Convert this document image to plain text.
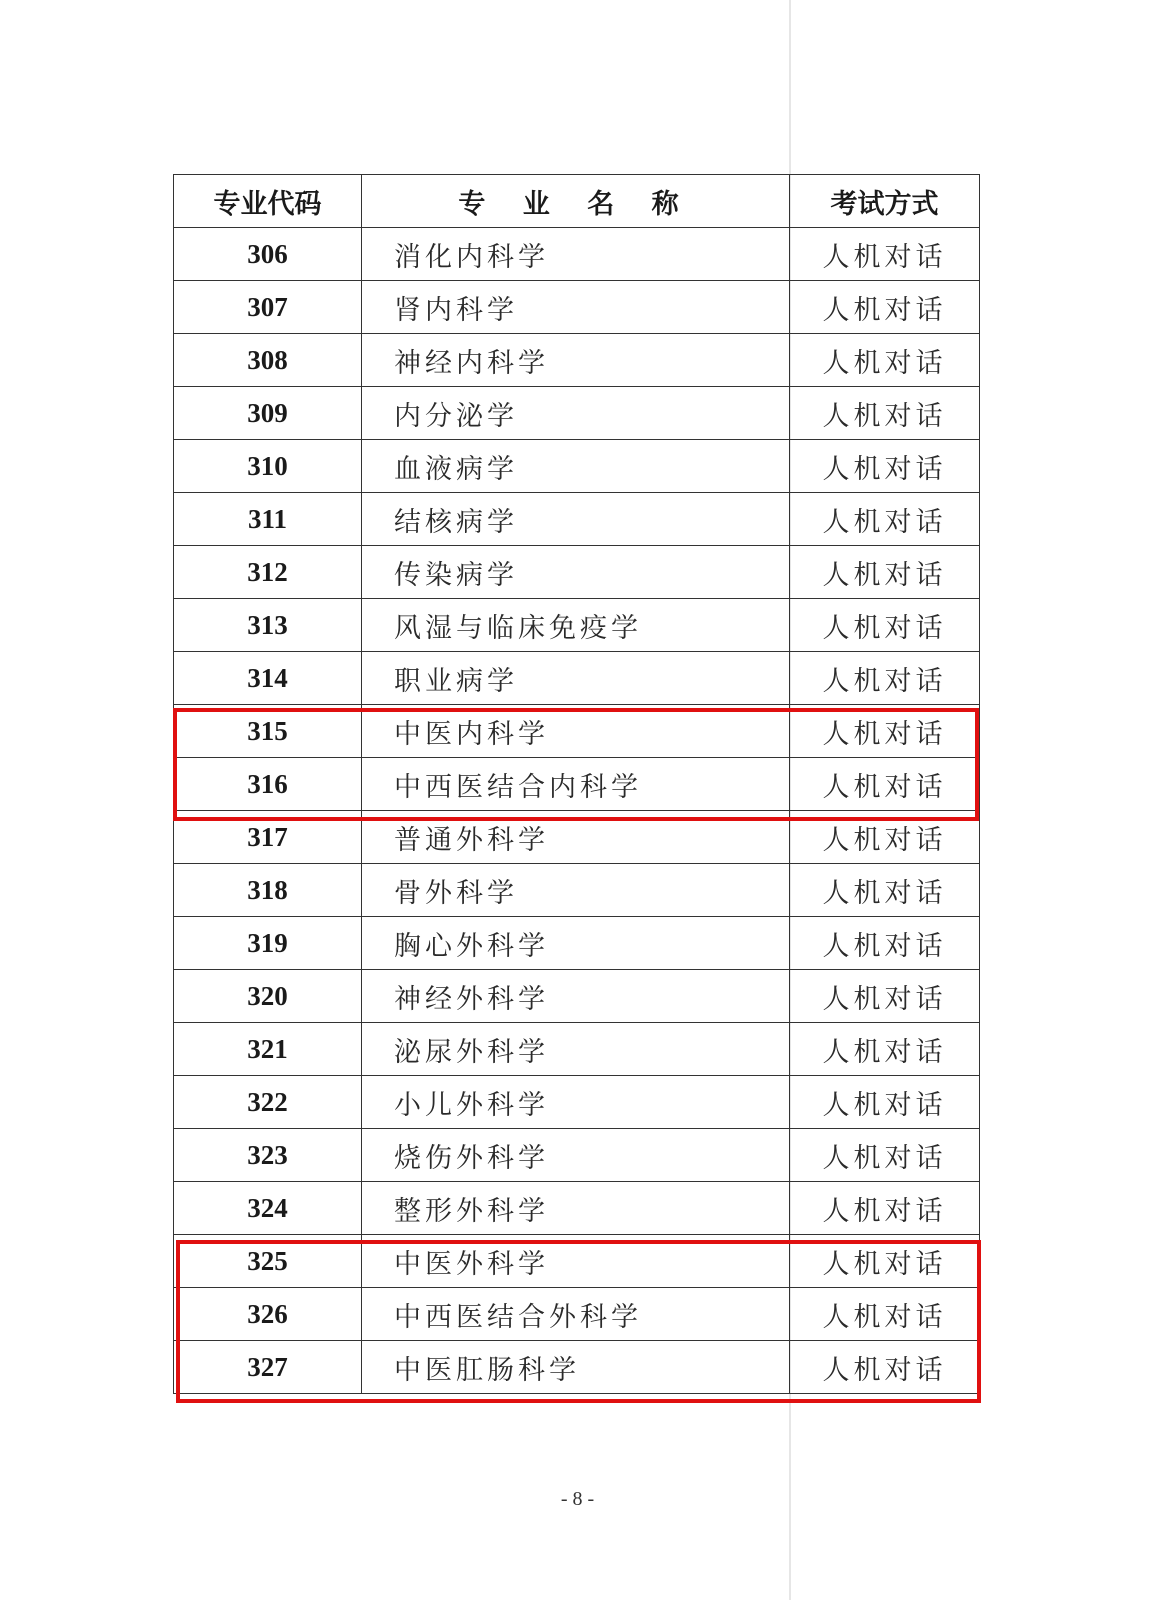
专业代码	专 业 名 称	考试方式
306	消化内科学	人机对话
307	肾内科学	人机对话
308	神经内科学	人机对话
309	内分泌学	人机对话
310	血液病学	人机对话
311	结核病学	人机对话
312	传染病学	人机对话
313	风湿与临床免疫学	人机对话
314	职业病学	人机对话
315	中医内科学	人机对话
316	中西医结合内科学	人机对话
317	普通外科学	人机对话
318	骨外科学	人机对话
319	胸心外科学	人机对话
320	神经外科学	人机对话
321	泌尿外科学	人机对话
322	小儿外科学	人机对话
323	烧伤外科学	人机对话
324	整形外科学	人机对话
325	中医外科学	人机对话
326	中西医结合外科学	人机对话
327	中医肛肠科学	人机对话
- 8 -
